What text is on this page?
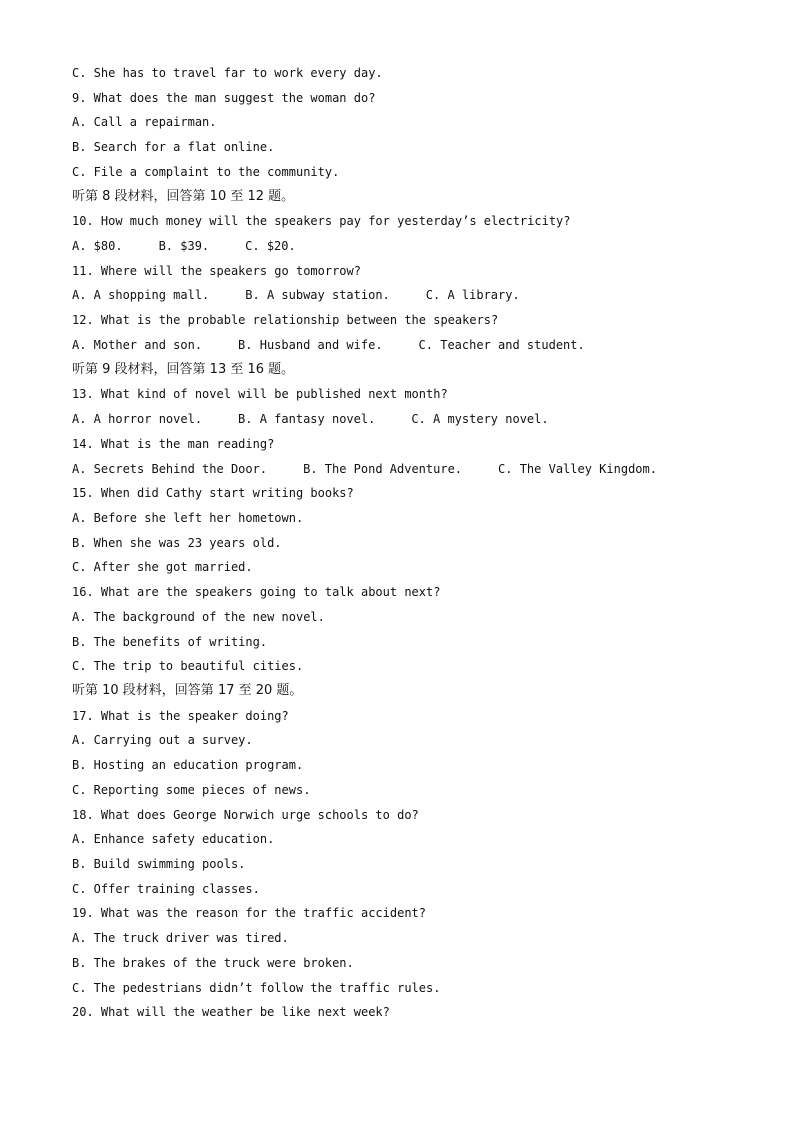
C. She has to travel far to work every day.
9. What does the man suggest the woman do?
A. Call a repairman.
B. Search for a flat online.
C. File a complaint to the community.
听第 8 段材料，回答第 10 至 12 题。
10. How much money will the speakers pay for yesterday’s electricity?
A. $80.	B. $39.	C. $20.
11. Where will the speakers go tomorrow?
A. A shopping mall.	B. A subway station.	C. A library.
12. What is the probable relationship between the speakers?
A. Mother and son.	B. Husband and wife.	C. Teacher and student.
听第 9 段材料，回答第 13 至 16 题。
13. What kind of novel will be published next month?
A. A horror novel.	B. A fantasy novel.	C. A mystery novel.
14. What is the man reading?
A. Secrets Behind the Door.	B. The Pond Adventure.	C. The Valley Kingdom.
15. When did Cathy start writing books?
A. Before she left her hometown.
B. When she was 23 years old.
C. After she got married.
16. What are the speakers going to talk about next?
A. The background of the new novel.
B. The benefits of writing.
C. The trip to beautiful cities.
听第 10 段材料，回答第 17 至 20 题。
17. What is the speaker doing?
A. Carrying out a survey.
B. Hosting an education program.
C. Reporting some pieces of news.
18. What does George Norwich urge schools to do?
A. Enhance safety education.
B. Build swimming pools.
C. Offer training classes.
19. What was the reason for the traffic accident?
A. The truck driver was tired.
B. The brakes of the truck were broken.
C. The pedestrians didn’t follow the traffic rules.
20. What will the weather be like next week?
